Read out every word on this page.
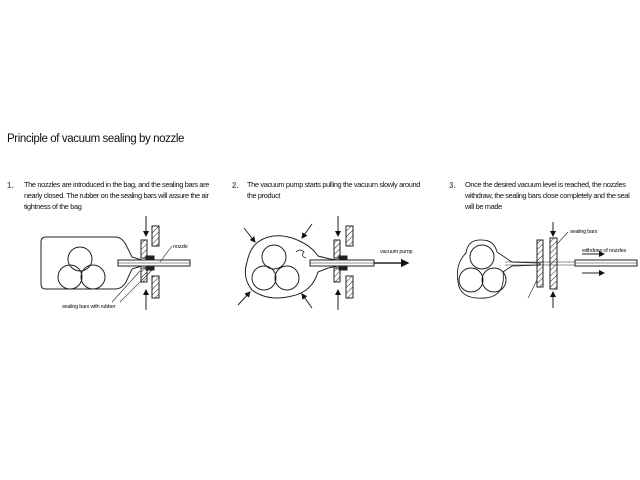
Principle of vacuum sealing by nozzle
1. The nozzles are introduced in the bag, and the sealing bars are nearly closed. The rubber on the sealing bars will assure the air tightness of the bag
2. The vacuum pump starts pulling the vacuum slowly around the product
3. Once the desired vacuum level is reached, the nozzles withdraw, the sealing bars close completely and the seal will be made
nozzle
sealing bars with rubber
vacuum pump
sealing bars
withdraw of nozzles
